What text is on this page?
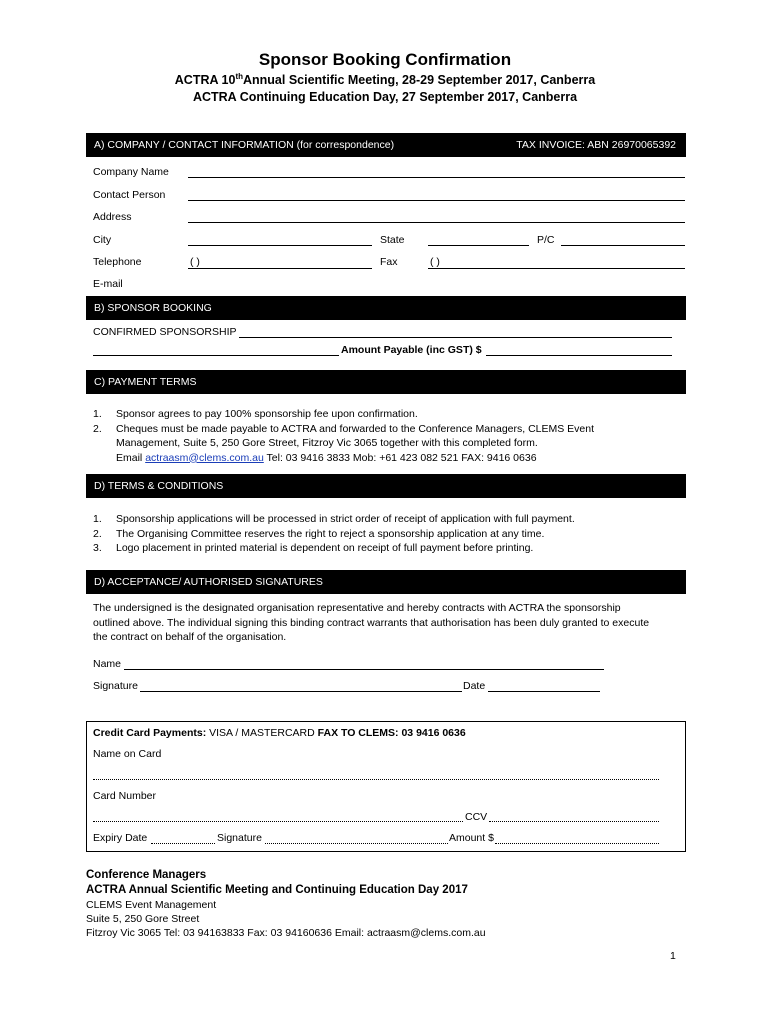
Sponsor Booking Confirmation
ACTRA 10thAnnual Scientific Meeting, 28-29 September 2017, Canberra
ACTRA Continuing Education Day, 27 September 2017, Canberra
A) COMPANY / CONTACT INFORMATION (for correspondence)	TAX INVOICE: ABN 26970065392
Company Name
Contact Person
Address
City	State	P/C
Telephone	( )	Fax	( )
E-mail
B) SPONSOR BOOKING
CONFIRMED SPONSORSHIP
Amount Payable (inc GST) $
C) PAYMENT TERMS
1.	Sponsor agrees to pay 100% sponsorship fee upon confirmation.
2.	Cheques must be made payable to ACTRA and forwarded to the Conference Managers, CLEMS Event
Management, Suite 5, 250 Gore Street, Fitzroy Vic 3065 together with this completed form.
Email actraasm@clems.com.au Tel: 03 9416 3833 Mob: +61 423 082 521 FAX: 9416 0636
D) TERMS & CONDITIONS
1.	Sponsorship applications will be processed in strict order of receipt of application with full payment.
2.	The Organising Committee reserves the right to reject a sponsorship application at any time.
3.	Logo placement in printed material is dependent on receipt of full payment before printing.
D) ACCEPTANCE/ AUTHORISED SIGNATURES
The undersigned is the designated organisation representative and hereby contracts with ACTRA the sponsorship
outlined above. The individual signing this binding contract warrants that authorisation has been duly granted to execute
the contract on behalf of the organisation.
Name
Signature	Date
Credit Card Payments: VISA / MASTERCARD FAX TO CLEMS: 03 9416 0636
Name on Card
Card Number
CCV
Expiry Date	Signature	Amount $
Conference Managers
ACTRA Annual Scientific Meeting and Continuing Education Day 2017
CLEMS Event Management
Suite 5, 250 Gore Street
Fitzroy Vic 3065 Tel: 03 94163833 Fax: 03 94160636 Email: actraasm@clems.com.au
1
